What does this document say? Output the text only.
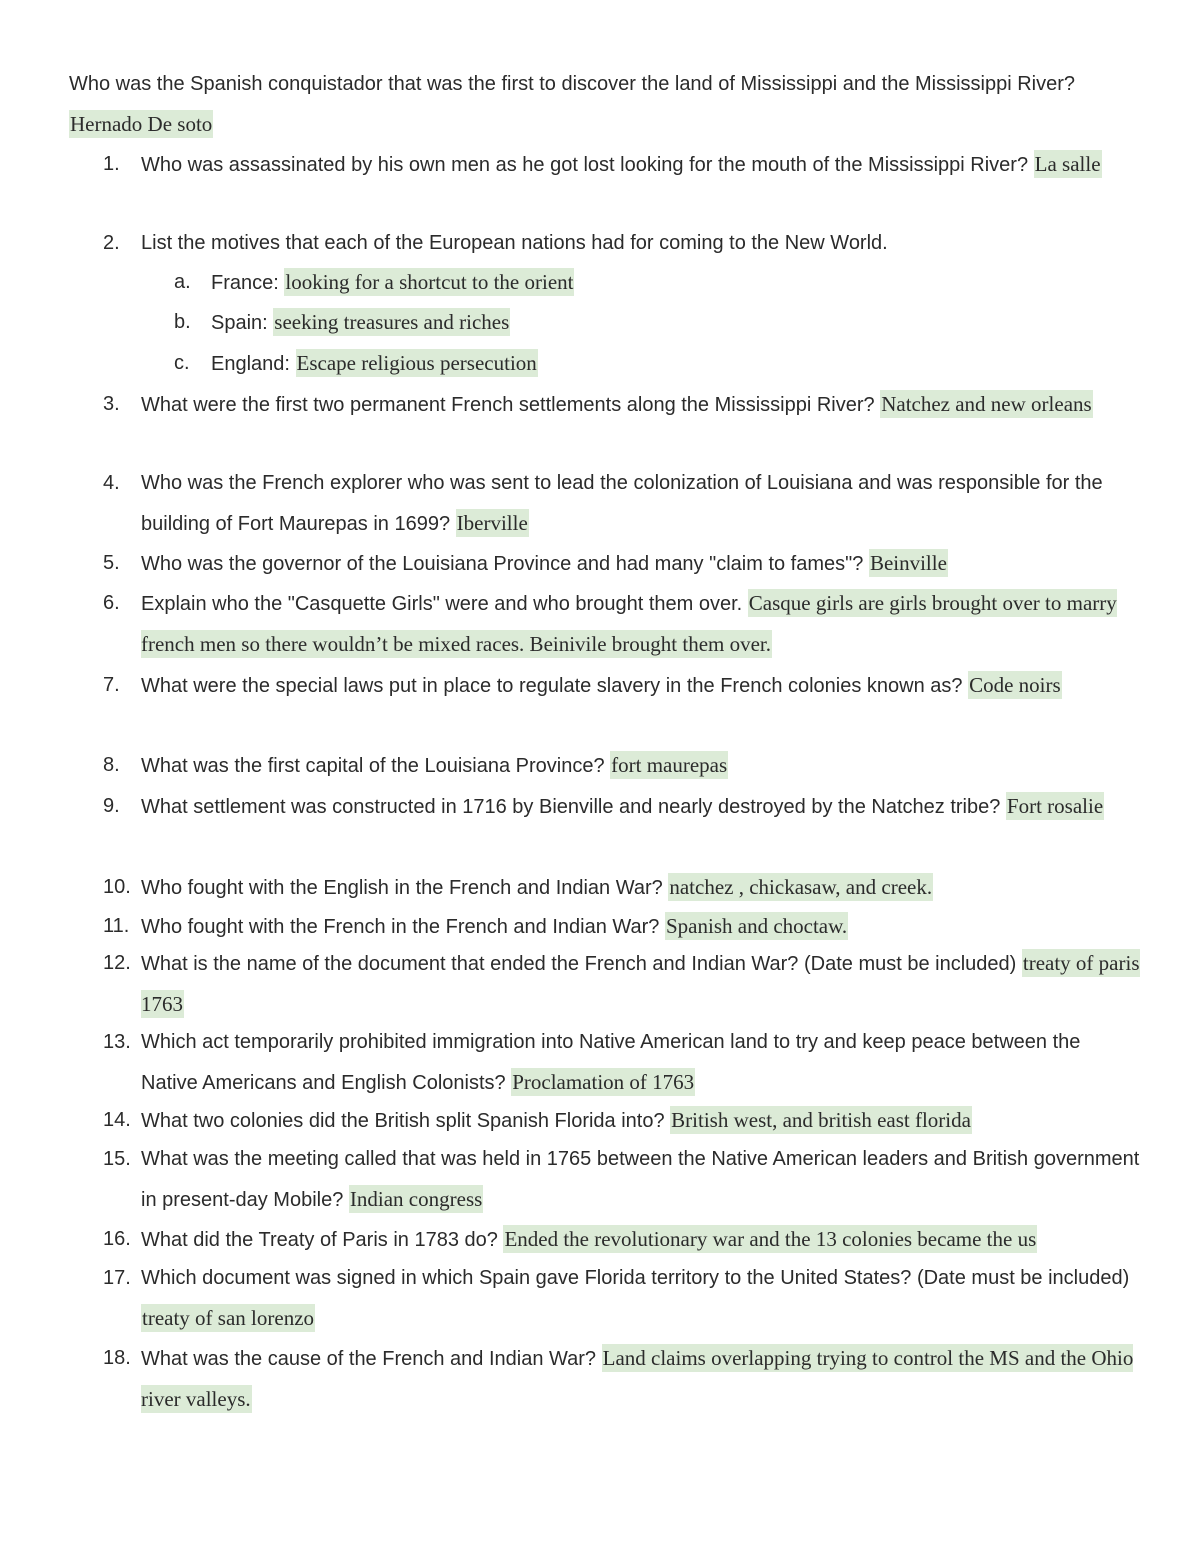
Who was the Spanish conquistador that was the first to discover the land of Mississippi and the Mississippi River? Hernado De soto

1.	Who was assassinated by his own men as he got lost looking for the mouth of the Mississippi River? La salle

2.	List the motives that each of the European nations had for coming to the New World.

a.	France: looking for a shortcut to the orient
b.	Spain: seeking treasures and riches
c.	England: Escape religious persecution
3.	What were the first two permanent French settlements along the Mississippi River? Natchez and new orleans

4.	Who was the French explorer who was sent to lead the colonization of Louisiana and was responsible for the building of Fort Maurepas in 1699? Iberville

5.	Who was the governor of the Louisiana Province and had many "claim to fames"? Beinville

6.	Explain who the "Casquette Girls" were and who brought them over. Casque girls are girls brought over to marry french men so there wouldn’t be mixed races. Beinivile brought them over.

7.	What were the special laws put in place to regulate slavery in the French colonies known as? Code noirs

8.	What was the first capital of the Louisiana Province? fort maurepas

9.	What settlement was constructed in 1716 by Bienville and nearly destroyed by the Natchez tribe? Fort rosalie

10. Who fought with the English in the French and Indian War? natchez , chickasaw, and creek.

11. Who fought with the French in the French and Indian War? Spanish and choctaw.

12. What is the name of the document that ended the French and Indian War? (Date must be included) treaty of paris 1763

13. Which act temporarily prohibited immigration into Native American land to try and keep peace between the Native Americans and English Colonists? Proclamation of 1763

14. What two colonies did the British split Spanish Florida into? British west, and british east florida

15. What was the meeting called that was held in 1765 between the Native American leaders and British government in present-day Mobile? Indian congress

16. What did the Treaty of Paris in 1783 do? Ended the revolutionary war and the 13 colonies became the us

17. Which document was signed in which Spain gave Florida territory to the United States? (Date must be included) treaty of san lorenzo

18. What was the cause of the French and Indian War? Land claims overlapping trying to control the MS and the Ohio river valleys.
